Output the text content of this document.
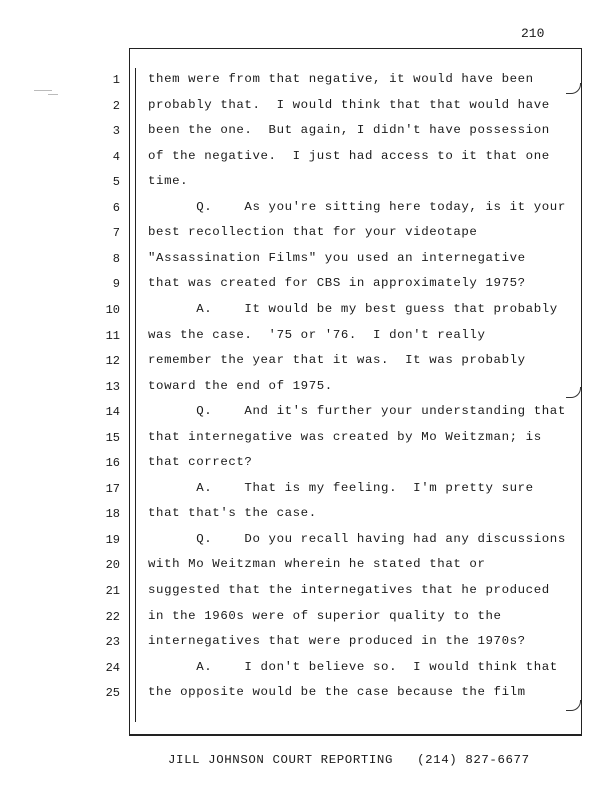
210
1 them were from that negative, it would have been
2 probably that.  I would think that that would have
3 been the one.  But again, I didn't have possession
4 of the negative.  I just had access to it that one
5 time.
6 Q.    As you're sitting here today, is it your
7 best recollection that for your videotape
8 "Assassination Films" you used an internegative
9 that was created for CBS in approximately 1975?
10 A.    It would be my best guess that probably
11 was the case.  '75 or '76.  I don't really
12 remember the year that it was.  It was probably
13 toward the end of 1975.
14 Q.    And it's further your understanding that
15 that internegative was created by Mo Weitzman; is
16 that correct?
17 A.    That is my feeling.  I'm pretty sure
18 that that's the case.
19 Q.    Do you recall having had any discussions
20 with Mo Weitzman wherein he stated that or
21 suggested that the internegatives that he produced
22 in the 1960s were of superior quality to the
23 internegatives that were produced in the 1970s?
24 A.    I don't believe so.  I would think that
25 the opposite would be the case because the film
JILL JOHNSON COURT REPORTING   (214) 827-6677
